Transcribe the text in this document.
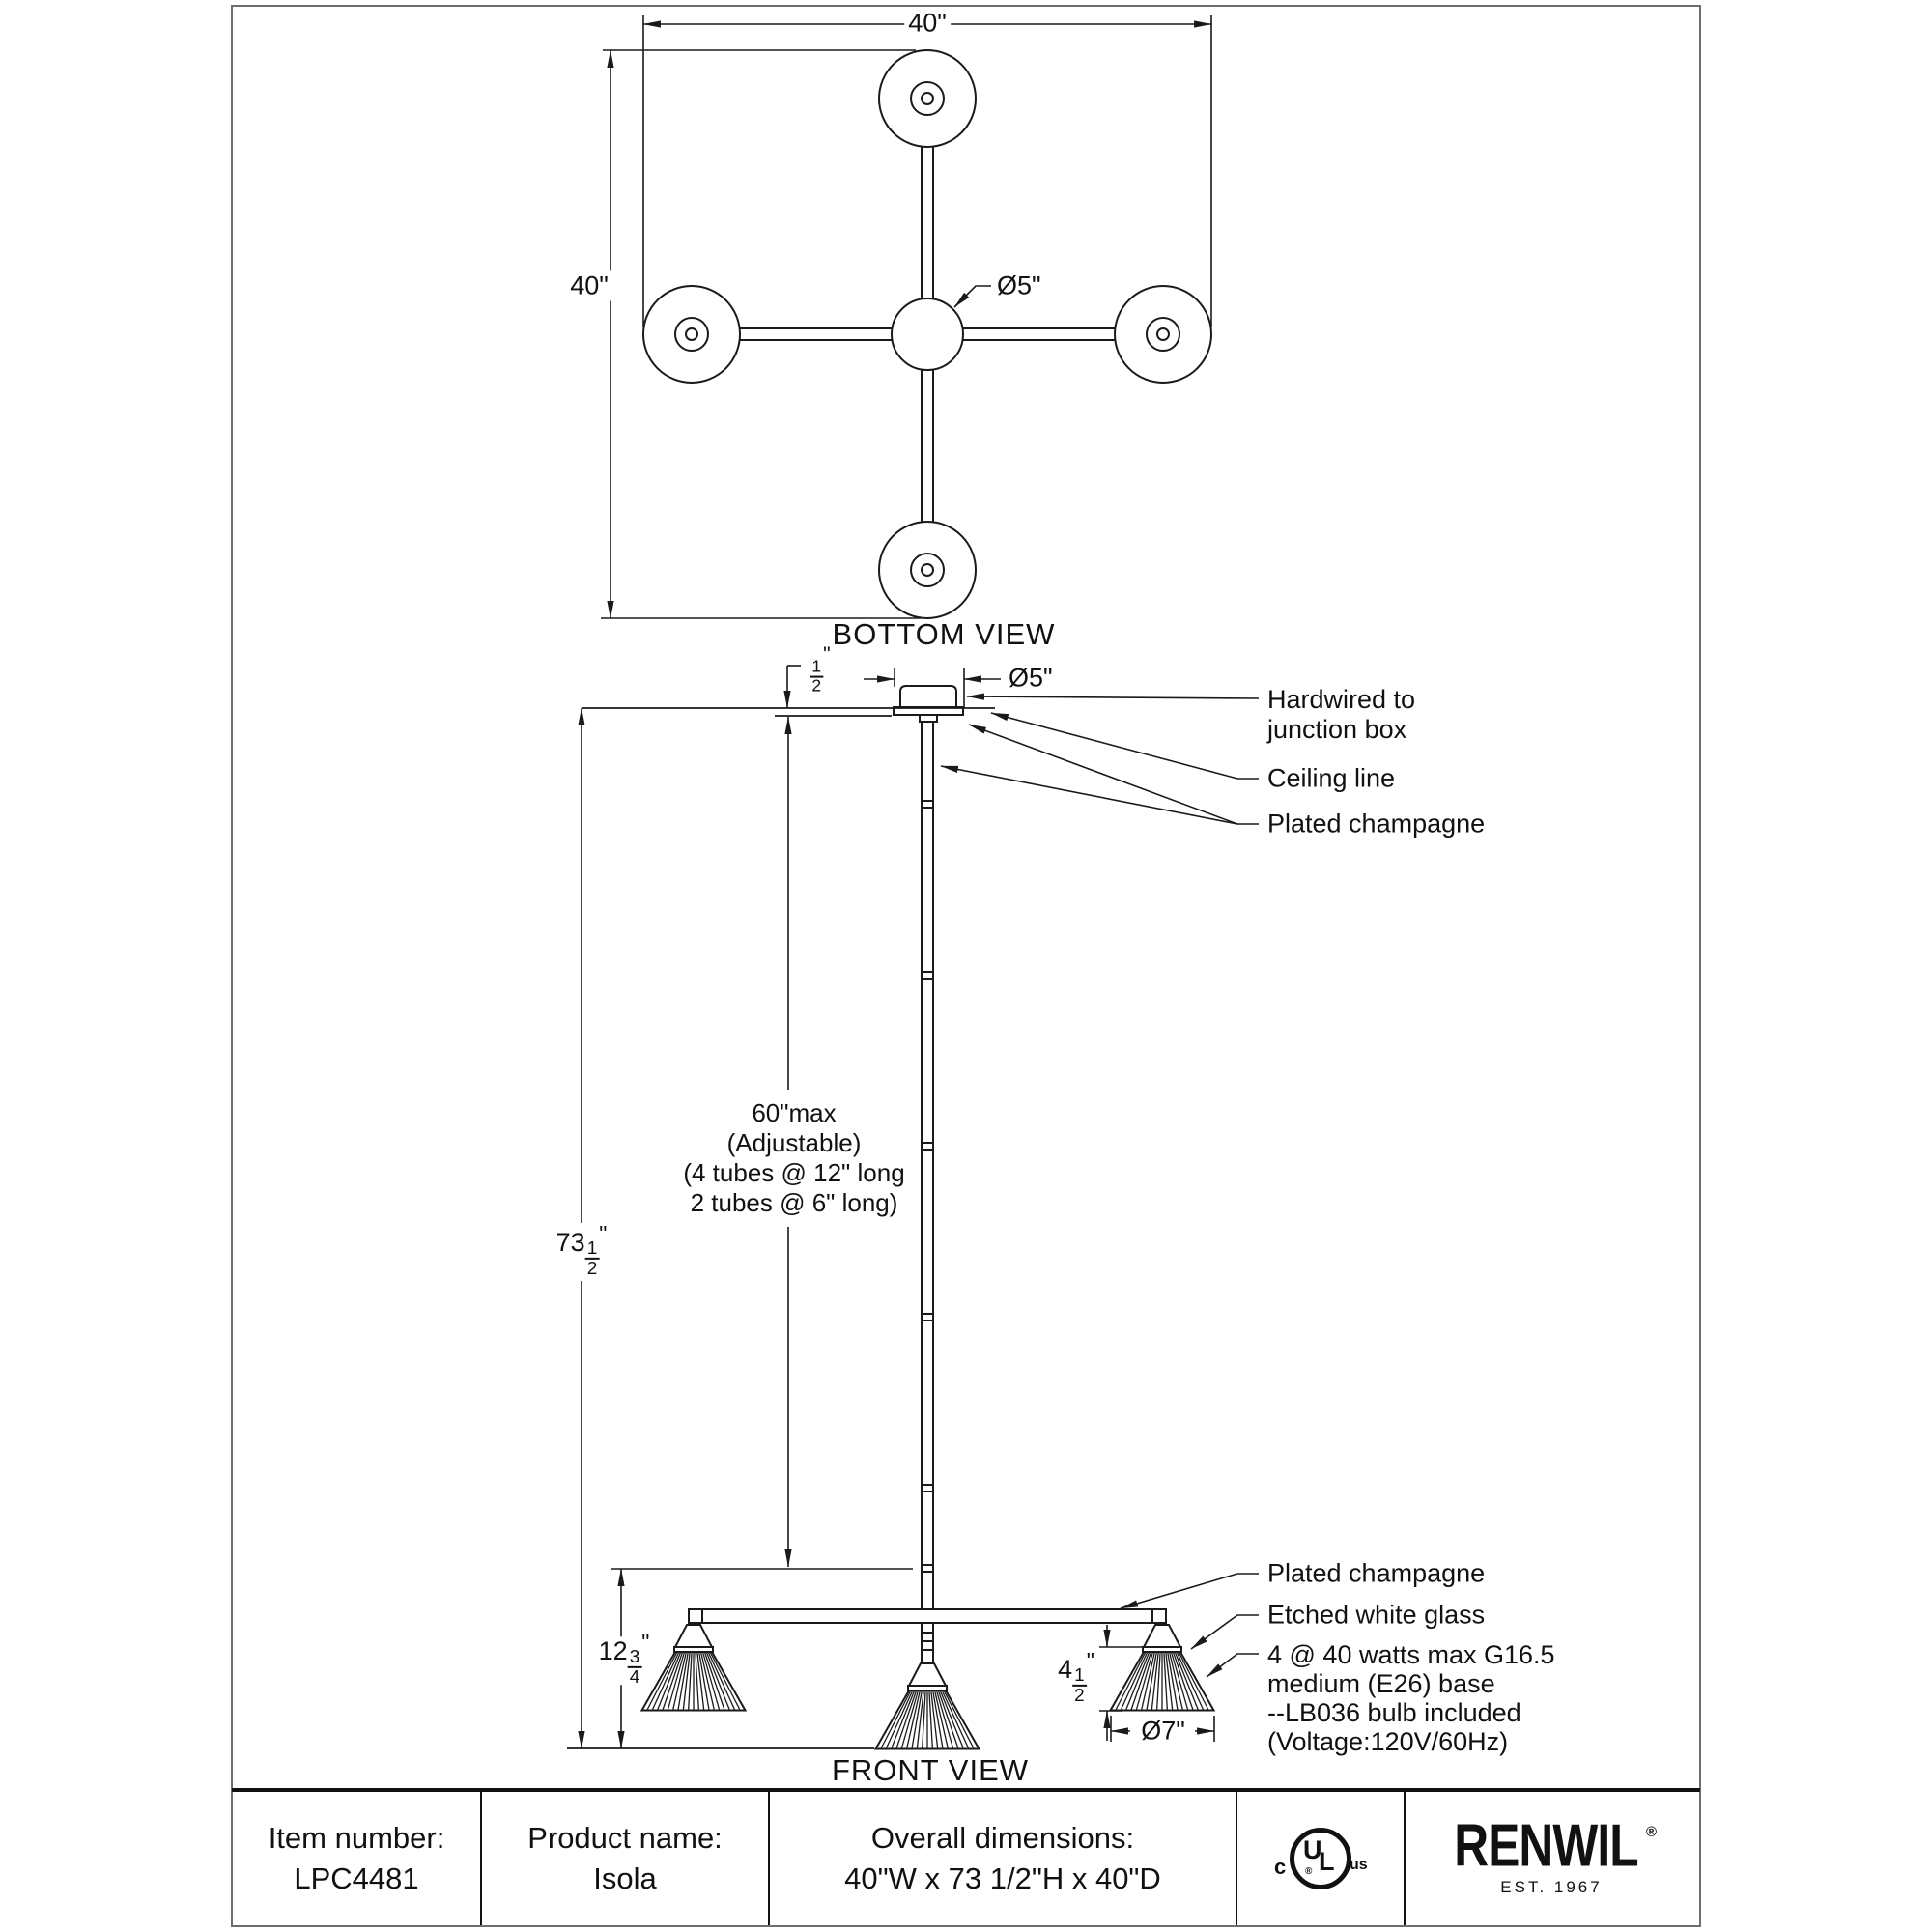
40"
40"	Ø5"
BOTTOM VIEW
$\frac{1}{2}$
"
Ø5"
Hardwired to
junction box
Ceiling line
Plated champagne
60"max
(Adjustable)
(4 tubes @ 12" long
2 tubes @ 6" long)
$73 \frac{1}{2}$
"
$12 \frac{3}{4}$
"
$4 \frac{1}{2}$
"
Ø7"
Plated champagne
Etched white glass
4 @ 40 watts max G16.5
medium (E26) base
--LB036 bulb included
(Voltage:120V/60Hz)
FRONT VIEW
Item number:
LPC4481
Product name:
Isola
Overall dimensions:
40"W x 73 1/2"H x 40"D
U
L
®
c	us RENWIL ®
EST. 1967
